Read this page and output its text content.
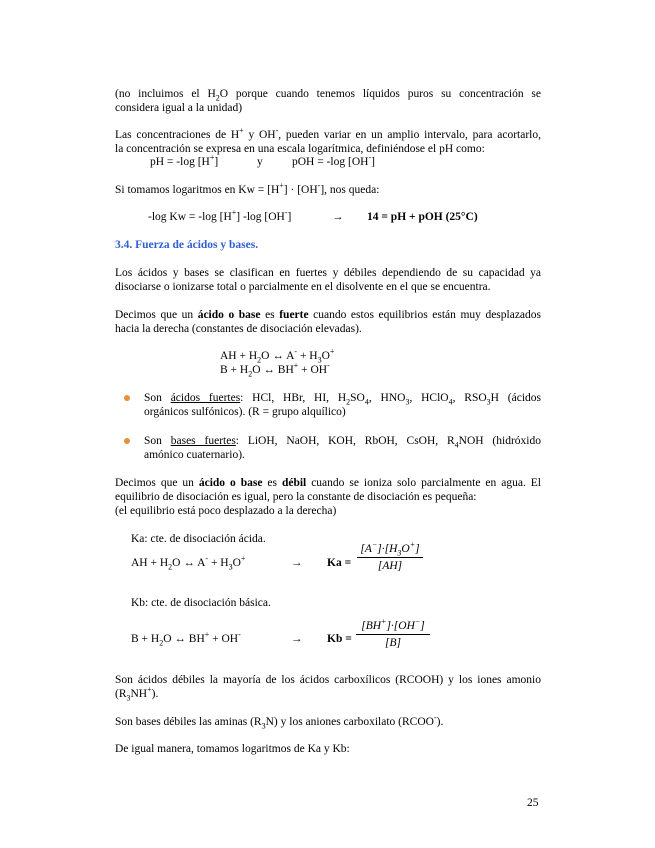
(no incluimos el $H_2O$ porque cuando tenemos líquidos puros su concentración se
considera igual a la unidad)
Las concentraciones de H+ y OH-, pueden variar en un amplio intervalo, para acortarlo,
la concentración se expresa en una escala logarítmica, definiéndose el pH como:
pH = -log [H+]	y	pOH = -log [OH-]
Si tomamos logaritmos en Kw = [H+] · [OH-], nos queda:
-log Kw = -log [H+] -log [OH-]	→ 14 = pH + pOH (25°C)
3.4. Fuerza de ácidos y bases.
Los ácidos y bases se clasifican en fuertes y débiles dependiendo de su capacidad ya
disociarse o ionizarse total o parcialmente en el disolvente en el que se encuentra.
Decimos que un ácido o base es fuerte cuando estos equilibrios están muy desplazados
hacia la derecha (constantes de disociación elevadas).
AH + $H_2O$ ↔ $A^- + H_3O^+$
$B + H_2O$ ↔ BH+ + OH-
Son ácidos fuertes: HCl, HBr, HI, $H_2SO_4$, $HNO_3$, HClO$_4$, $RSO_3H$ (ácidos
orgánicos sulfónicos). (R = grupo alquílico)
Son bases fuertes: LiOH, NaOH, KOH, RbOH, CsOH, $R_4NOH$ (hidróxido
amónico cuaternario).
Decimos que un ácido o base es débil cuando se ioniza solo parcialmente en agua. El
equilibrio de disociación es igual, pero la constante de disociación es pequeña:
(el equilibrio está poco desplazado a la derecha)
Ka: cte. de disociación ácida.
AH + $H_2O$ ↔ $A^- + H_3O^+$	→ Ka =
$[A^-]\cdot[H_3O^+]$
[AH]
Kb: cte. de disociación básica.
$B + H_2O$ ↔ BH+ + OH-	→ Kb =
[BH+]·[OH−]
[B]
Son ácidos débiles la mayoría de los ácidos carboxílicos (RCOOH) y los iones amonio
$(R_3NH^+)$.
Son bases débiles las aminas $(R_3N)$ y los aniones carboxilato (RCOO-).
De igual manera, tomamos logaritmos de Ka y Kb:
25
